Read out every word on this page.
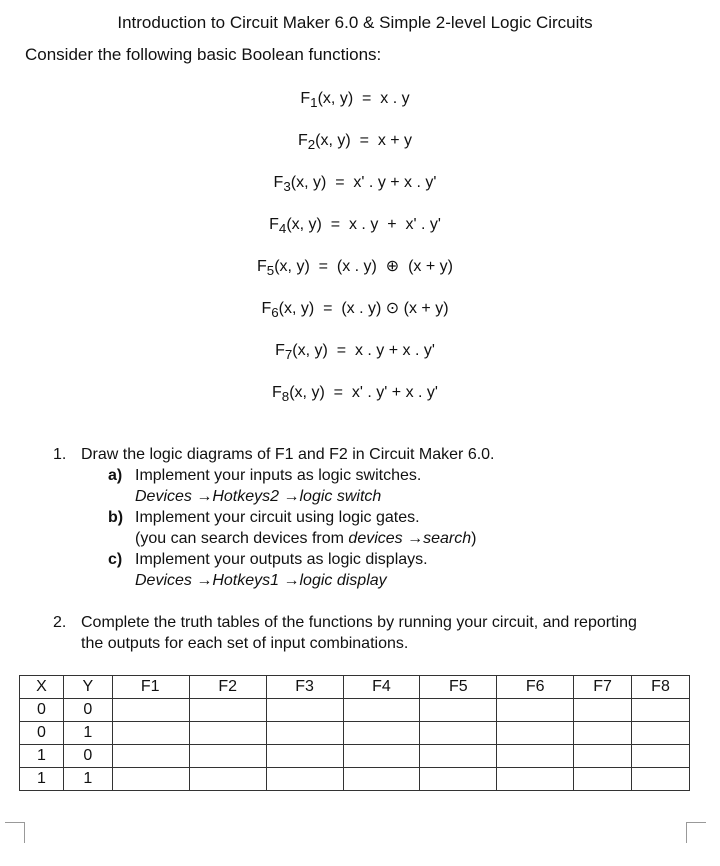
Introduction to Circuit Maker 6.0 & Simple 2-level Logic Circuits
Consider the following basic Boolean functions:
$F_1(x$, y)  =  x . y
$F_2(x$, y)  =  x + y
$F_3(x$, y)  =  x' . y + x . y'
$F_4(x$, y)  =  x . y  +  x' . y'
$F_5(x$, y)  =  (x . y)  ⊕  (x + y)
$F_6(x$, y)  =  (x . y) ⊙ (x + y)
$F_7(x$, y)  =  x . y + x . y'
$F_8(x$, y)  =  x' . y' + x . y'
1. Draw the logic diagrams of F1 and F2 in Circuit Maker 6.0.
a) Implement your inputs as logic switches.
Devices →Hotkeys2 →logic switch
b) Implement your circuit using logic gates.
(you can search devices from devices →search)
c) Implement your outputs as logic displays.
Devices →Hotkeys1 →logic display
2. Complete the truth tables of the functions by running your circuit, and reporting the outputs for each set of input combinations.
X	Y	F1	F2	F3	F4	F5	F6	F7	F8
0	0								
0	1								
1	0								
1	1								
